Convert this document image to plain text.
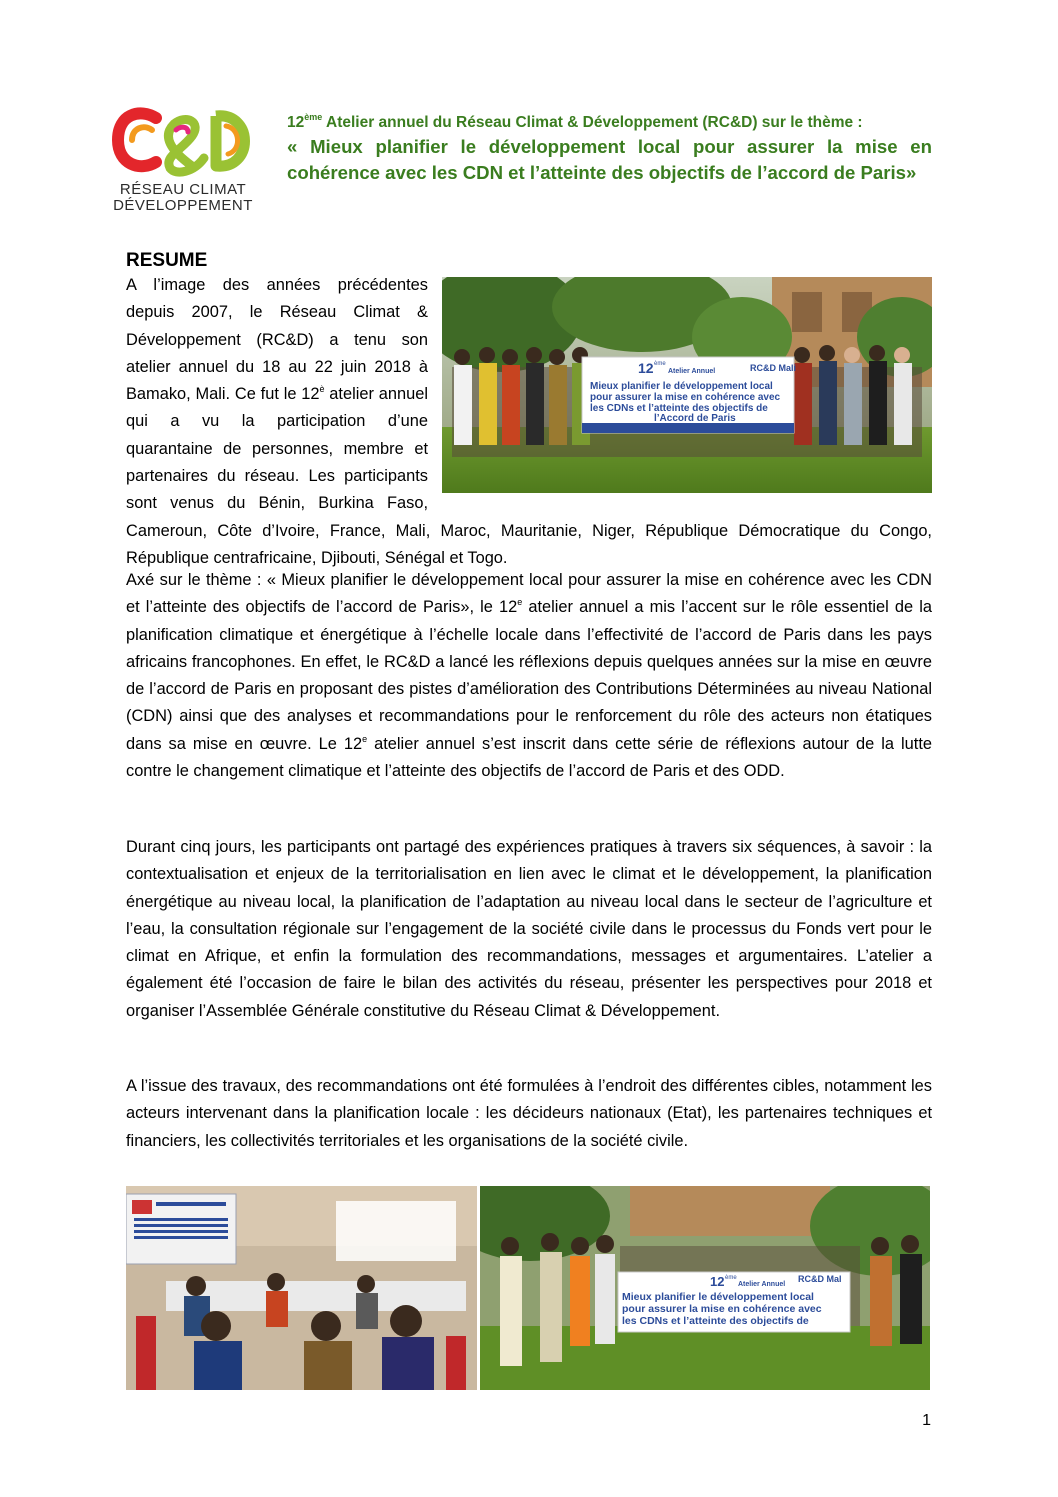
RÉSEAU CLIMAT
DÉVELOPPEMENT
12ème Atelier annuel du Réseau Climat & Développement (RC&D) sur le thème :
« Mieux planifier le développement local pour assurer la mise en cohérence avec les CDN et l’atteinte des objectifs de l’accord de Paris»
RESUME
12 ème
Atelier Annuel	RC&D Mali
Mieux planifier le développement local
pour assurer la mise en cohérence avec
les CDNs et l’atteinte des objectifs de
l’Accord de Paris
A l’image des années précédentes depuis 2007, le Réseau Climat & Développement (RC&D) a tenu son atelier annuel du 18 au 22 juin 2018 à Bamako, Mali. Ce fut le $12^è$ atelier annuel qui a vu la participation d’une quarantaine de personnes, membre et partenaires du réseau. Les participants sont venus du Bénin, Burkina Faso, Cameroun, Côte d’Ivoire, France, Mali, Maroc, Mauritanie, Niger, République Démocratique du Congo, République centrafricaine, Djibouti, Sénégal et Togo.
Axé sur le thème : « Mieux planifier le développement local pour assurer la mise en cohérence avec les CDN et l’atteinte des objectifs de l’accord de Paris», le 12e atelier annuel a mis l’accent sur le rôle essentiel de la planification climatique et énergétique à l’échelle locale dans l’effectivité de l’accord de Paris dans les pays africains francophones. En effet, le RC&D a lancé les réflexions depuis quelques années sur la mise en œuvre de l’accord de Paris en proposant des pistes d’amélioration des Contributions Déterminées au niveau National (CDN) ainsi que des analyses et recommandations pour le renforcement du rôle des acteurs non étatiques dans sa mise en œuvre. Le 12e atelier annuel s’est inscrit dans cette série de réflexions autour de la lutte contre le changement climatique et l’atteinte des objectifs de l’accord de Paris et des ODD.
Durant cinq jours, les participants ont partagé des expériences pratiques à travers six séquences, à savoir : la contextualisation et enjeux de la territorialisation en lien avec le climat et le développement, la planification énergétique au niveau local, la planification de l’adaptation au niveau local dans le secteur de l’agriculture et l’eau, la consultation régionale sur l’engagement de la société civile dans le processus du Fonds vert pour le climat en Afrique, et enfin la formulation des recommandations, messages et argumentaires. L’atelier a également été l’occasion de faire le bilan des activités du réseau, présenter les perspectives pour 2018 et organiser l’Assemblée Générale constitutive du Réseau Climat & Développement.
A l’issue des travaux, des recommandations ont été formulées à l’endroit des différentes cibles, notamment les acteurs intervenant dans la planification locale : les décideurs nationaux (Etat), les partenaires techniques et financiers, les collectivités territoriales et les organisations de la société civile.
12 ème
Atelier Annuel
RC&D Mal
Mieux planifier le développement local
pour assurer la mise en cohérence avec
les CDNs et l’atteinte des objectifs de
1
